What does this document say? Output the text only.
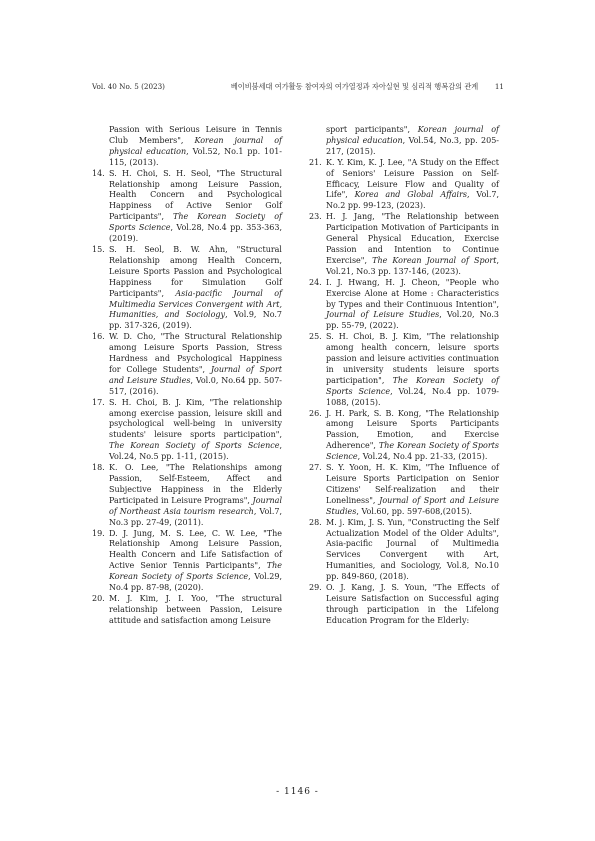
Vol. 40 No. 5 (2023)	베이비붐세대 여가활동 참여자의 여가열정과 자아실현 및 심리적 행복감의 관계 11
Passion with Serious Leisure in Tennis Club Members", Korean journal of physical education, Vol.52, No.1 pp. 101-115, (2013).
14. S. H. Choi, S. H. Seol, "The Structural Relationship among Leisure Passion, Health Concern and Psychological Happiness of Active Senior Golf Participants", The Korean Society of Sports Science, Vol.28, No.4 pp. 353-363, (2019).
15. S. H. Seol, B. W. Ahn, "Structural Relationship among Health Concern, Leisure Sports Passion and Psychological Happiness for Simulation Golf Participants", Asia-pacific Journal of Multimedia Services Convergent with Art, Humanities, and Sociology, Vol.9, No.7 pp. 317-326, (2019).
16. W. D. Cho, "The Structural Relationship among Leisure Sports Passion, Stress Hardness and Psychological Happiness for College Students", Journal of Sport and Leisure Studies, Vol.0, No.64 pp. 507-517, (2016).
17. S. H. Choi, B. J. Kim, "The relationship among exercise passion, leisure skill and psychological well-being in university students' leisure sports participation", The Korean Society of Sports Science, Vol.24, No.5 pp. 1-11, (2015).
18. K. O. Lee, "The Relationships among Passion, Self-Esteem, Affect and Subjective Happiness in the Elderly Participated in Leisure Programs", Journal of Northeast Asia tourism research, Vol.7, No.3 pp. 27-49, (2011).
19. D. J. Jung, M. S. Lee, C. W. Lee, "The Relationship Among Leisure Passion, Health Concern and Life Satisfaction of Active Senior Tennis Participants", The Korean Society of Sports Science, Vol.29, No.4 pp. 87-98, (2020).
20. M. J. Kim, J. I. Yoo, "The structural relationship between Passion, Leisure attitude and satisfaction among Leisure
sport participants", Korean journal of physical education, Vol.54, No.3, pp. 205-217, (2015).
21. K. Y. Kim, K. J. Lee, "A Study on the Effect of Seniors' Leisure Passion on Self-Efficacy, Leisure Flow and Quality of Life", Korea and Global Affairs, Vol.7, No.2 pp. 99-123, (2023).
23. H. J. Jang, "The Relationship between Participation Motivation of Participants in General Physical Education, Exercise Passion and Intention to Continue Exercise", The Korean Journal of Sport, Vol.21, No.3 pp. 137-146, (2023).
24. I. J. Hwang, H. J. Cheon, "People who Exercise Alone at Home : Characteristics by Types and their Continuous Intention", Journal of Leisure Studies, Vol.20, No.3 pp. 55-79, (2022).
25. S. H. Choi, B. J. Kim, "The relationship among health concern, leisure sports passion and leisure activities continuation in university students leisure sports participation", The Korean Society of Sports Science, Vol.24, No.4 pp. 1079-1088, (2015).
26. J. H. Park, S. B. Kong, "The Relationship among Leisure Sports Participants Passion, Emotion, and Exercise Adherence", The Korean Society of Sports Science, Vol.24, No.4 pp. 21-33, (2015).
27. S. Y. Yoon, H. K. Kim, "The Influence of Leisure Sports Participation on Senior Citizens' Self-realization and their Loneliness", Journal of Sport and Leisure Studies, Vol.60, pp. 597-608,(2015).
28. M. j. Kim, J. S. Yun, "Constructing the Self Actualization Model of the Older Adults", Asia-pacific Journal of Multimedia Services Convergent with Art, Humanities, and Sociology, Vol.8, No.10 pp. 849-860, (2018).
29. O. J. Kang, J. S. Youn, "The Effects of Leisure Satisfaction on Successful aging through participation in the Lifelong Education Program for the Elderly:
- 1146 -
